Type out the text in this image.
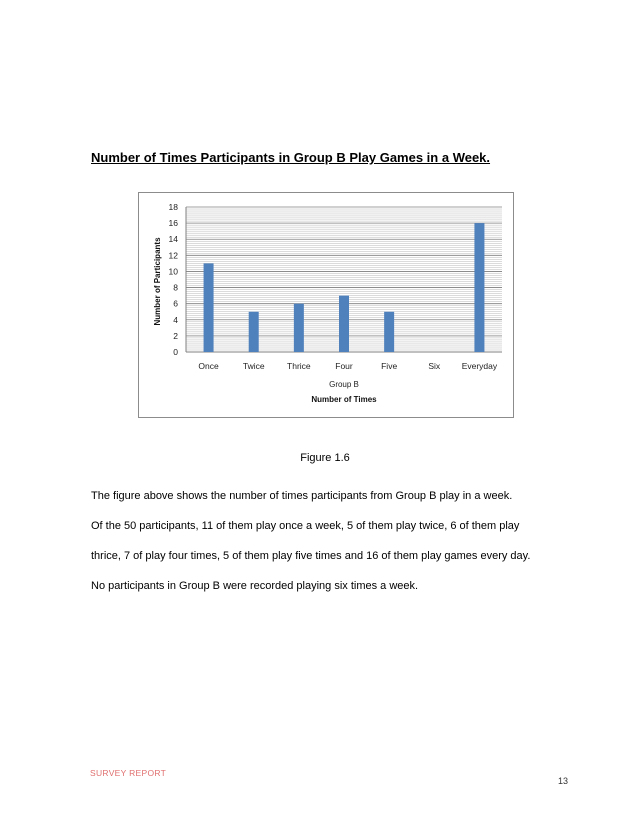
Number of Times Participants in Group B Play Games in a Week.
0
2
4
6
8
10
12
14
16
18
Once	Twice	Thrice	Four	Five	Six	Everyday
Group B
Number of Times
Number of Participants
Figure 1.6
The figure above shows the number of times participants from Group B play in a week.
Of the 50 participants, 11 of them play once a week, 5 of them play twice, 6 of them play
thrice, 7 of play four times, 5 of them play five times and 16 of them play games every day.
No participants in Group B were recorded playing six times a week.
SURVEY REPORT
13
